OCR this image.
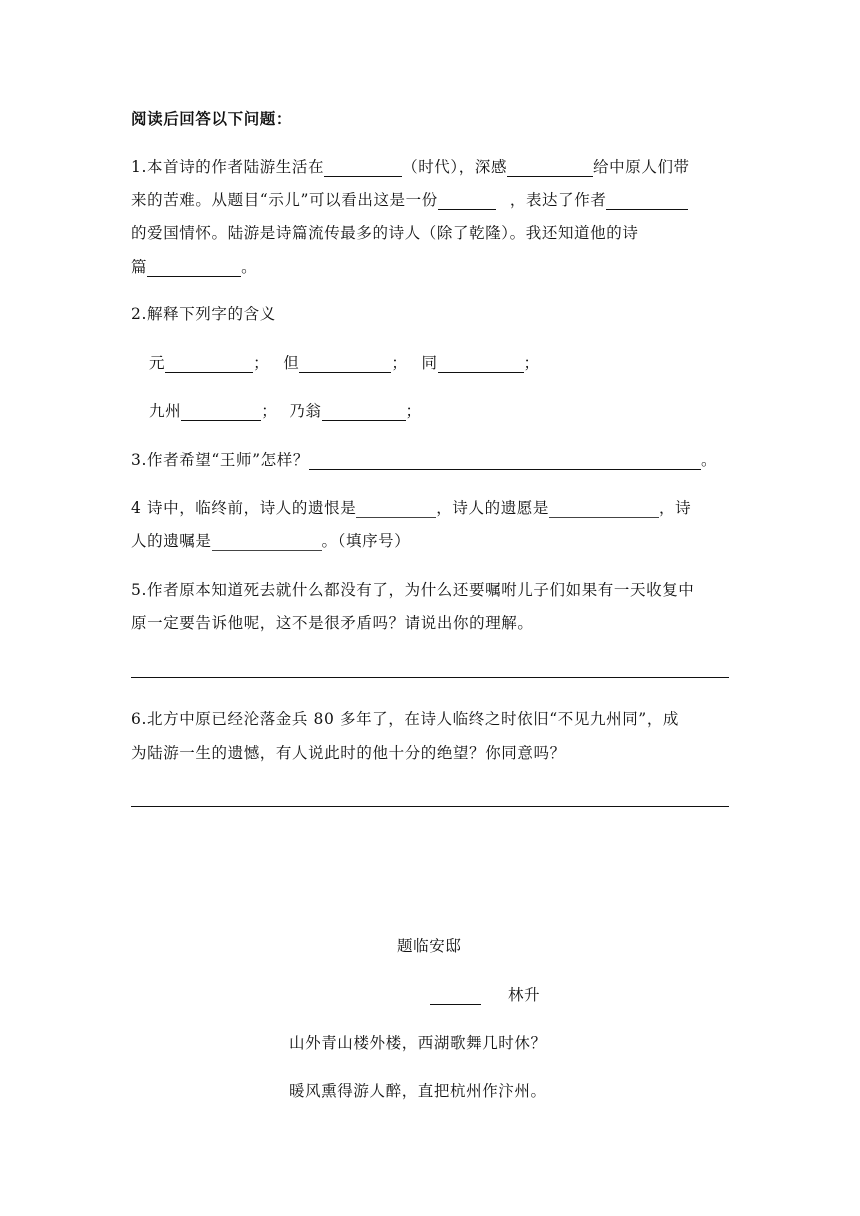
阅读后回答以下问题：
1.本首诗的作者陆游生活在	（时代），深感	给中原人们带
来的苦难。从题目“示儿”可以看出这是一份	，表达了作者
的爱国情怀。陆游是诗篇流传最多的诗人（除了乾隆）。我还知道他的诗
篇	。
2.解释下列字的含义
元	； 但	； 同	；
九州	； 乃翁	；
3.作者希望“王师”怎样？	。
4 诗中，临终前，诗人的遗恨是	，诗人的遗愿是	，诗
人的遗嘱是	。（填序号）
5.作者原本知道死去就什么都没有了，为什么还要嘱咐儿子们如果有一天收复中
原一定要告诉他呢，这不是很矛盾吗？请说出你的理解。
6.北方中原已经沦落金兵 80 多年了，在诗人临终之时依旧“不见九州同”，成
为陆游一生的遗憾，有人说此时的他十分的绝望？你同意吗？
题临安邸
林升
山外青山楼外楼，西湖歌舞几时休？
暖风熏得游人醉，直把杭州作汴州。
